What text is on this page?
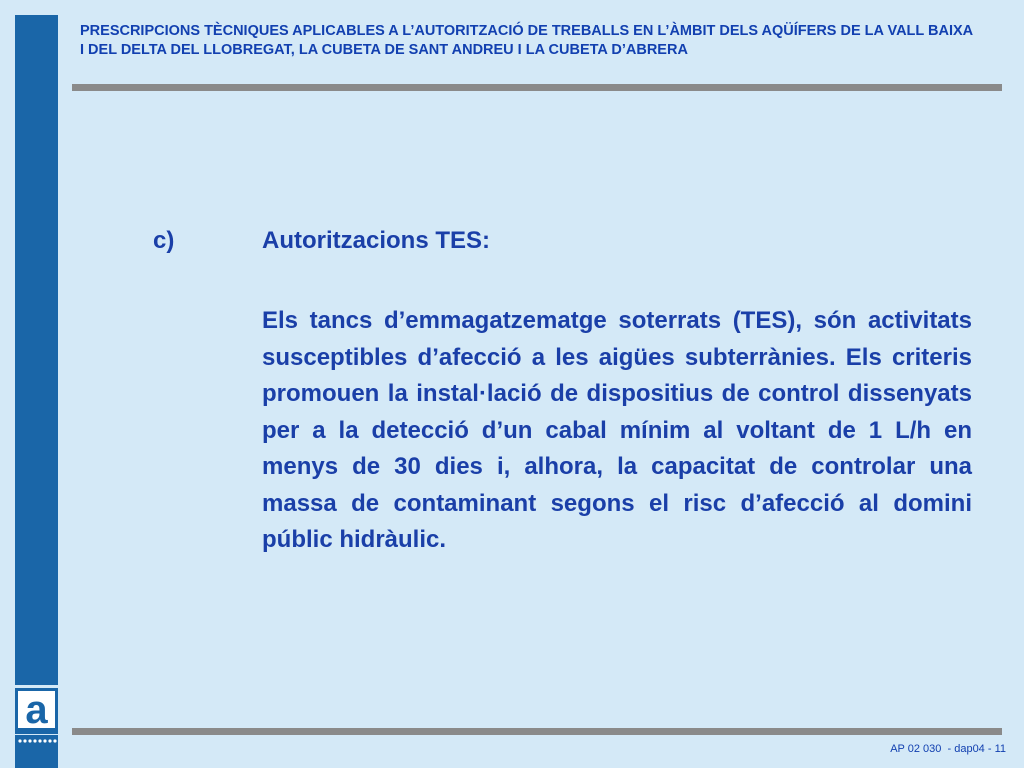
a
PRESCRIPCIONS TÈCNIQUES APLICABLES A L’AUTORITZACIÓ DE TREBALLS EN L’ÀMBIT DELS AQÜÍFERS DE LA VALL BAIXA I DEL DELTA DEL LLOBREGAT, LA CUBETA DE SANT ANDREU I LA CUBETA D’ABRERA
c)	Autoritzacions TES:

Els tancs d’emmagatzematge soterrats (TES), són activitats susceptibles d’afecció a les aigües subterrànies. Els criteris promouen la instal·lació de dispositius de control dissenyats per a la detecció d’un cabal mínim al voltant de 1 L/h en menys de 30 dies i, alhora, la capacitat de controlar una massa de contaminant segons el risc d’afecció al domini públic hidràulic.

AP 02 030  - dap04 - 11
